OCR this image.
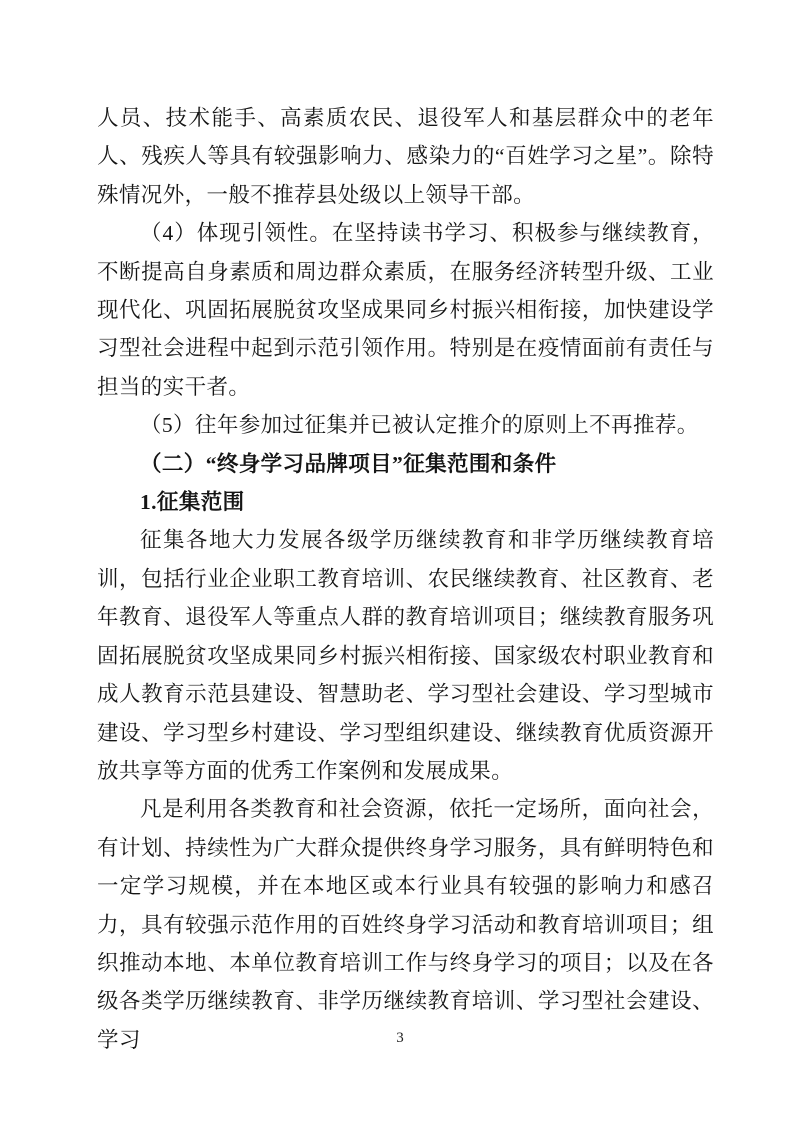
人员、技术能手、高素质农民、退役军人和基层群众中的老年人、残疾人等具有较强影响力、感染力的“百姓学习之星”。除特殊情况外，一般不推荐县处级以上领导干部。

（4）体现引领性。在坚持读书学习、积极参与继续教育，不断提高自身素质和周边群众素质，在服务经济转型升级、工业现代化、巩固拓展脱贫攻坚成果同乡村振兴相衔接，加快建设学习型社会进程中起到示范引领作用。特别是在疫情面前有责任与担当的实干者。

（5）往年参加过征集并已被认定推介的原则上不再推荐。

（二）“终身学习品牌项目”征集范围和条件

1.征集范围

征集各地大力发展各级学历继续教育和非学历继续教育培训，包括行业企业职工教育培训、农民继续教育、社区教育、老年教育、退役军人等重点人群的教育培训项目；继续教育服务巩固拓展脱贫攻坚成果同乡村振兴相衔接、国家级农村职业教育和成人教育示范县建设、智慧助老、学习型社会建设、学习型城市建设、学习型乡村建设、学习型组织建设、继续教育优质资源开放共享等方面的优秀工作案例和发展成果。

凡是利用各类教育和社会资源，依托一定场所，面向社会，有计划、持续性为广大群众提供终身学习服务，具有鲜明特色和一定学习规模，并在本地区或本行业具有较强的影响力和感召力，具有较强示范作用的百姓终身学习活动和教育培训项目；组织推动本地、本单位教育培训工作与终身学习的项目；以及在各级各类学历继续教育、非学历继续教育培训、学习型社会建设、学习	3
